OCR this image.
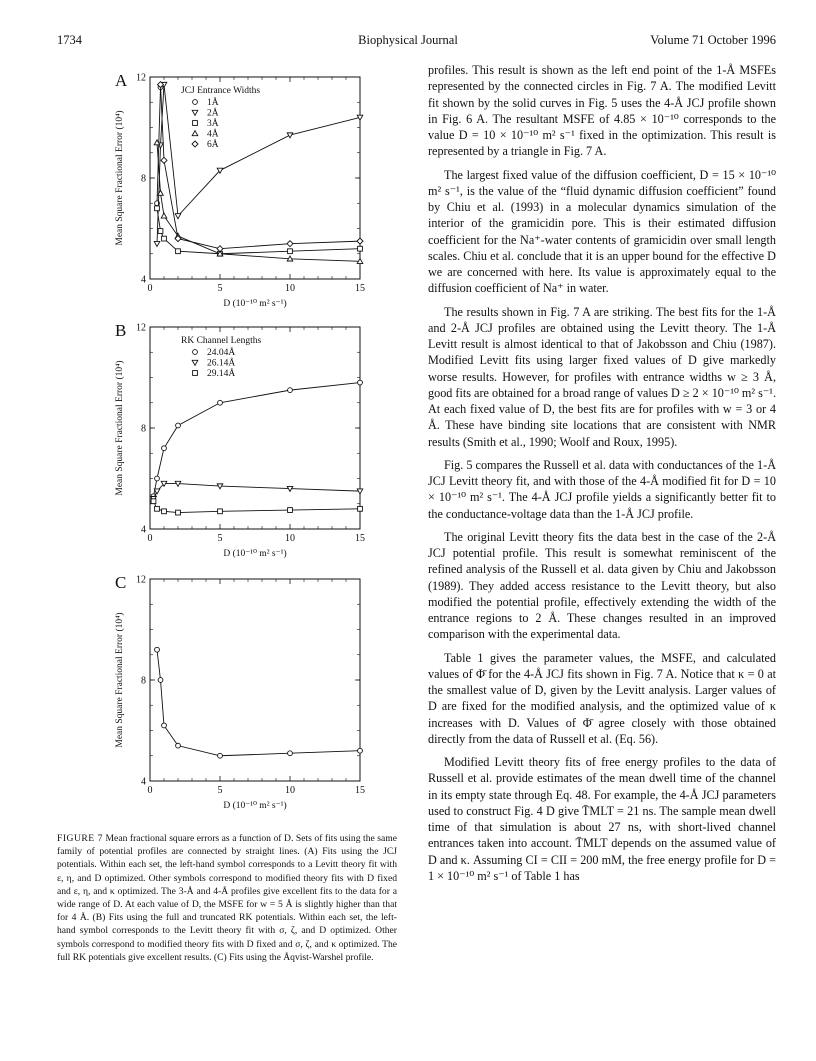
1734	Biophysical Journal	Volume 71 October 1996
A
4
8
12
0	5	10	15
D (10⁻¹⁰ m² s⁻¹)
Mean Square Fractional Error (10⁴)
JCJ Entrance Widths
1Å
2Å
3Å
4Å
6Å
B
4
8
12
0	5	10	15
D (10⁻¹⁰ m² s⁻¹)
Mean Square Fractional Error (10⁴)
RK Channel Lengths
24.04Å
26.14Å
29.14Å
C
4
8
12
0	5	10	15
D (10⁻¹⁰ m² s⁻¹)
Mean Square Fractional Error (10⁴)
FIGURE 7 Mean fractional square errors as a function of D. Sets of fits using the same family of potential profiles are connected by straight lines. (A) Fits using the JCJ potentials. Within each set, the left-hand symbol corresponds to a Levitt theory fit with ε, η, and D optimized. Other symbols correspond to modified theory fits with D fixed and ε, η, and κ optimized. The 3-Å and 4-Å profiles give excellent fits to the data for a wide range of D. At each value of D, the MSFE for w = 5 Å is slightly higher than that for 4 Å. (B) Fits using the full and truncated RK potentials. Within each set, the left-hand symbol corresponds to the Levitt theory fit with σ, ζ, and D optimized. Other symbols correspond to modified theory fits with D fixed and σ, ζ, and κ optimized. The full RK potentials give excellent results. (C) Fits using the Åqvist-Warshel profile.

profiles. This result is shown as the left end point of the 1-Å MSFEs represented by the connected circles in Fig. 7 A. The modified Levitt fit shown by the solid curves in Fig. 5 uses the 4-Å JCJ profile shown in Fig. 6 A. The resultant MSFE of 4.85 × 10⁻¹⁰ corresponds to the value D = 10 × 10⁻¹⁰ m² s⁻¹ fixed in the optimization. This result is represented by a triangle in Fig. 7 A.

The largest fixed value of the diffusion coefficient, D = 15 × 10⁻¹⁰ m² s⁻¹, is the value of the “fluid dynamic diffusion coefficient” found by Chiu et al. (1993) in a molecular dynamics simulation of the interior of the gramicidin pore. This is their estimated diffusion coefficient for the Na⁺-water contents of gramicidin over small length scales. Chiu et al. conclude that it is an upper bound for the effective D we are concerned with here. Its value is approximately equal to the diffusion coefficient of Na⁺ in water.

The results shown in Fig. 7 A are striking. The best fits for the 1-Å and 2-Å JCJ profiles are obtained using the Levitt theory. The 1-Å Levitt result is almost identical to that of Jakobsson and Chiu (1987). Modified Levitt fits using larger fixed values of D give markedly worse results. However, for profiles with entrance widths w ≥ 3 Å, good fits are obtained for a broad range of values D ≥ 2 × 10⁻¹⁰ m² s⁻¹. At each fixed value of D, the best fits are for profiles with w = 3 or 4 Å. These have binding site locations that are consistent with NMR results (Smith et al., 1990; Woolf and Roux, 1995).

Fig. 5 compares the Russell et al. data with conductances of the 1-Å JCJ Levitt theory fit, and with those of the 4-Å modified fit for D = 10 × 10⁻¹⁰ m² s⁻¹. The 4-Å JCJ profile yields a significantly better fit to the conductance-voltage data than the 1-Å JCJ profile.

The original Levitt theory fits the data best in the case of the 2-Å JCJ potential profile. This result is somewhat reminiscent of the refined analysis of the Russell et al. data given by Chiu and Jakobsson (1989). They added access resistance to the Levitt theory, but also modified the potential profile, effectively extending the width of the entrance regions to 2 Å. These changes resulted in an improved comparison with the experimental data.

Table 1 gives the parameter values, the MSFE, and calculated values of Φ̄ for the 4-Å JCJ fits shown in Fig. 7 A. Notice that κ = 0 at the smallest value of D, given by the Levitt analysis. Larger values of D are fixed for the modified analysis, and the optimized value of κ increases with D. Values of Φ̄ agree closely with those obtained directly from the data of Russell et al. (Eq. 56).

Modified Levitt theory fits of free energy profiles to the data of Russell et al. provide estimates of the mean dwell time of the channel in its empty state through Eq. 48. For example, the 4-Å JCJ parameters used to construct Fig. 4 D give T̄MLT = 21 ns. The sample mean dwell time of that simulation is about 27 ns, with short-lived channel entrances taken into account. T̄MLT depends on the assumed value of D and κ. Assuming CI = CII = 200 mM, the free energy profile for D = 1 × 10⁻¹⁰ m² s⁻¹ of Table 1 has
